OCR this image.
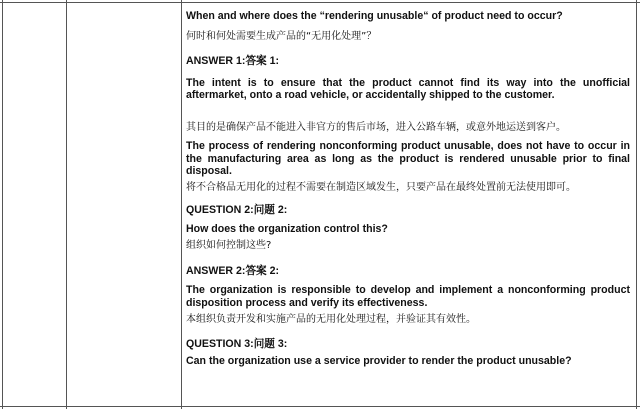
When and where does the “rendering unusable“ of product need to occur?

何时和何处需要生成产品的“无用化处理”？

ANSWER 1:答案 1:

The intent is to ensure that the product cannot find its way into the unofficial aftermarket, onto a road vehicle, or accidentally shipped to the customer.

其目的是确保产品不能进入非官方的售后市场，进入公路车辆，或意外地运送到客户。

The process of rendering nonconforming product unusable, does not have to occur in the manufacturing area as long as the product is rendered unusable prior to final disposal.

将不合格品无用化的过程不需要在制造区域发生，只要产品在最终处置前无法使用即可。

QUESTION 2:问题 2:

How does the organization control this?

组织如何控制这些?

ANSWER 2:答案 2:

The organization is responsible to develop and implement a nonconforming product disposition process and verify its effectiveness.

本组织负责开发和实施产品的无用化处理过程，并验证其有效性。

QUESTION 3:问题 3:

Can the organization use a service provider to render the product unusable?
